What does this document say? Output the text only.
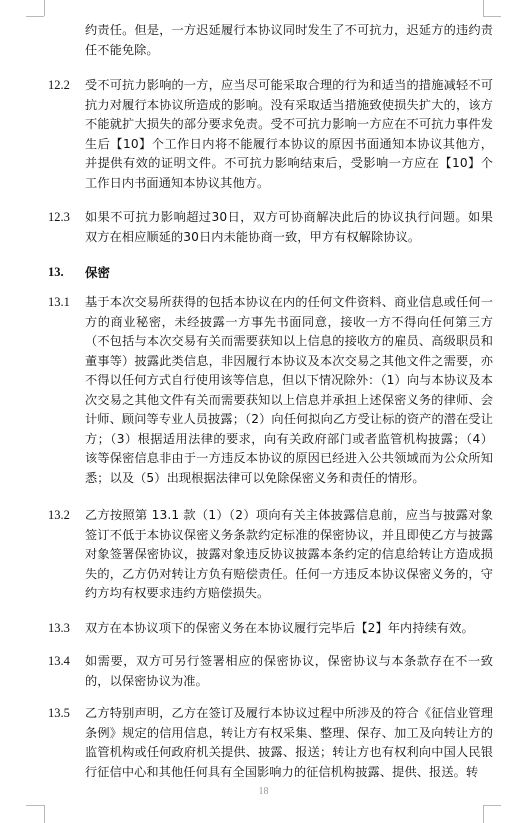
约责任。但是，一方迟延履行本协议同时发生了不可抗力，迟延方的违约责任不能免除。
12.2 受不可抗力影响的一方，应当尽可能采取合理的行为和适当的措施减轻不可抗力对履行本协议所造成的影响。没有采取适当措施致使损失扩大的，该方不能就扩大损失的部分要求免责。受不可抗力影响一方应在不可抗力事件发生后【10】个工作日内将不能履行本协议的原因书面通知本协议其他方，并提供有效的证明文件。不可抗力影响结束后，受影响一方应在【10】个工作日内书面通知本协议其他方。
12.3 如果不可抗力影响超过30日，双方可协商解决此后的协议执行问题。如果双方在相应顺延的30日内未能协商一致，甲方有权解除协议。
13. 保密
13.1 基于本次交易所获得的包括本协议在内的任何文件资料、商业信息或任何一方的商业秘密，未经披露一方事先书面同意，接收一方不得向任何第三方（不包括与本次交易有关而需要获知以上信息的接收方的雇员、高级职员和董事等）披露此类信息，非因履行本协议及本次交易之其他文件之需要，亦不得以任何方式自行使用该等信息，但以下情况除外：（1）向与本协议及本次交易之其他文件有关而需要获知以上信息并承担上述保密义务的律师、会计师、顾问等专业人员披露；（2）向任何拟向乙方受让标的资产的潜在受让方；（3）根据适用法律的要求，向有关政府部门或者监管机构披露；（4）该等保密信息非由于一方违反本协议的原因已经进入公共领域而为公众所知悉；以及（5）出现根据法律可以免除保密义务和责任的情形。
13.2 乙方按照第 13.1 款（1）（2）项向有关主体披露信息前，应当与披露对象签订不低于本协议保密义务条款约定标准的保密协议，并且即使乙方与披露对象签署保密协议，披露对象违反协议披露本条约定的信息给转让方造成损失的，乙方仍对转让方负有赔偿责任。任何一方违反本协议保密义务的，守约方均有权要求违约方赔偿损失。
13.3 双方在本协议项下的保密义务在本协议履行完毕后【2】年内持续有效。
13.4 如需要，双方可另行签署相应的保密协议，保密协议与本条款存在不一致的，以保密协议为准。
13.5 乙方特别声明，乙方在签订及履行本协议过程中所涉及的符合《征信业管理条例》规定的信用信息，转让方有权采集、整理、保存、加工及向转让方的监管机构或任何政府机关提供、披露、报送；转让方也有权利向中国人民银行征信中心和其他任何具有全国影响力的征信机构披露、提供、报送。转
18
